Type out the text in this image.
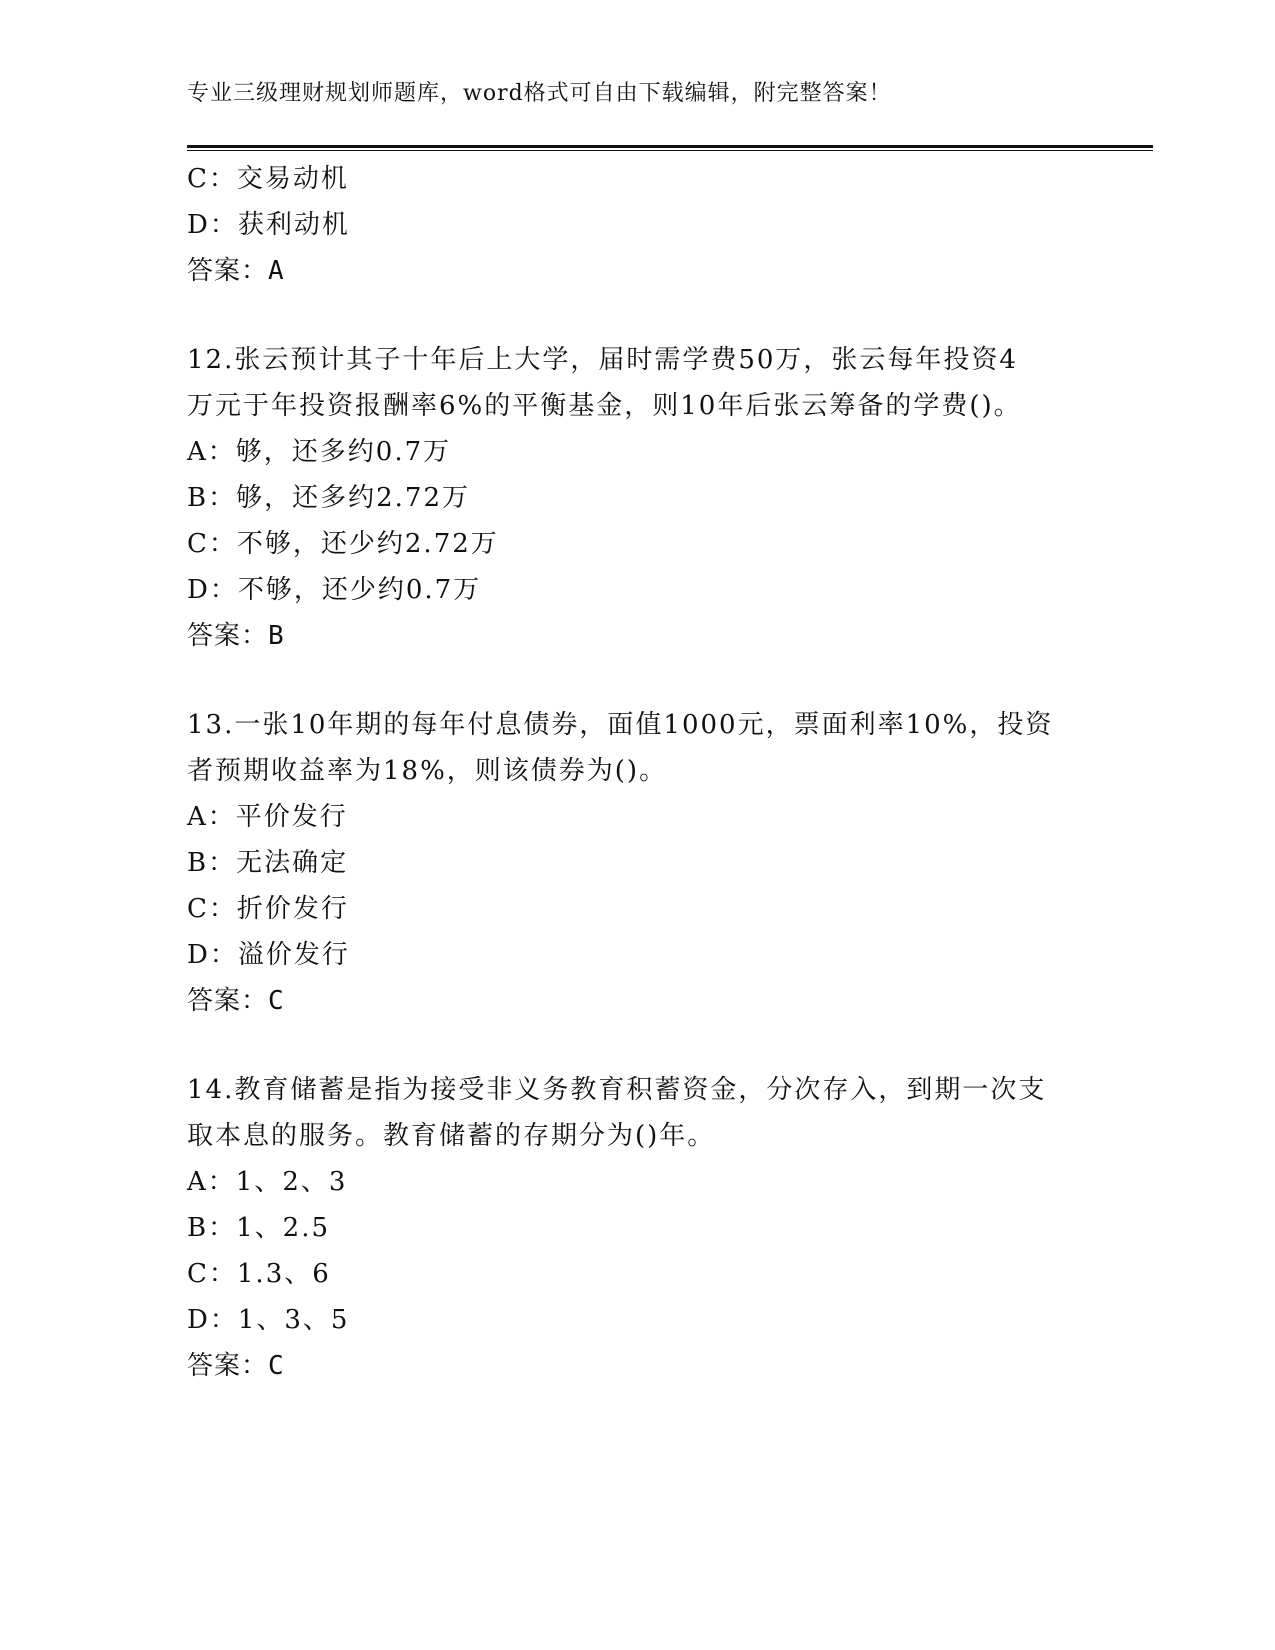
专业三级理财规划师题库，word格式可自由下载编辑，附完整答案！
C：交易动机
D：获利动机
答案：A
12.张云预计其子十年后上大学，届时需学费50万，张云每年投资4
万元于年投资报酬率6%的平衡基金，则10年后张云筹备的学费()。
A：够，还多约0.7万
B：够，还多约2.72万
C：不够，还少约2.72万
D：不够，还少约0.7万
答案：B
13.一张10年期的每年付息债券，面值1000元，票面利率10%，投资
者预期收益率为18%，则该债券为()。
A：平价发行
B：无法确定
C：折价发行
D：溢价发行
答案：C
14.教育储蓄是指为接受非义务教育积蓄资金，分次存入，到期一次支
取本息的服务。教育储蓄的存期分为()年。
A：1、2、3
B：1、2.5
C：1.3、6
D：1、3、5
答案：C
